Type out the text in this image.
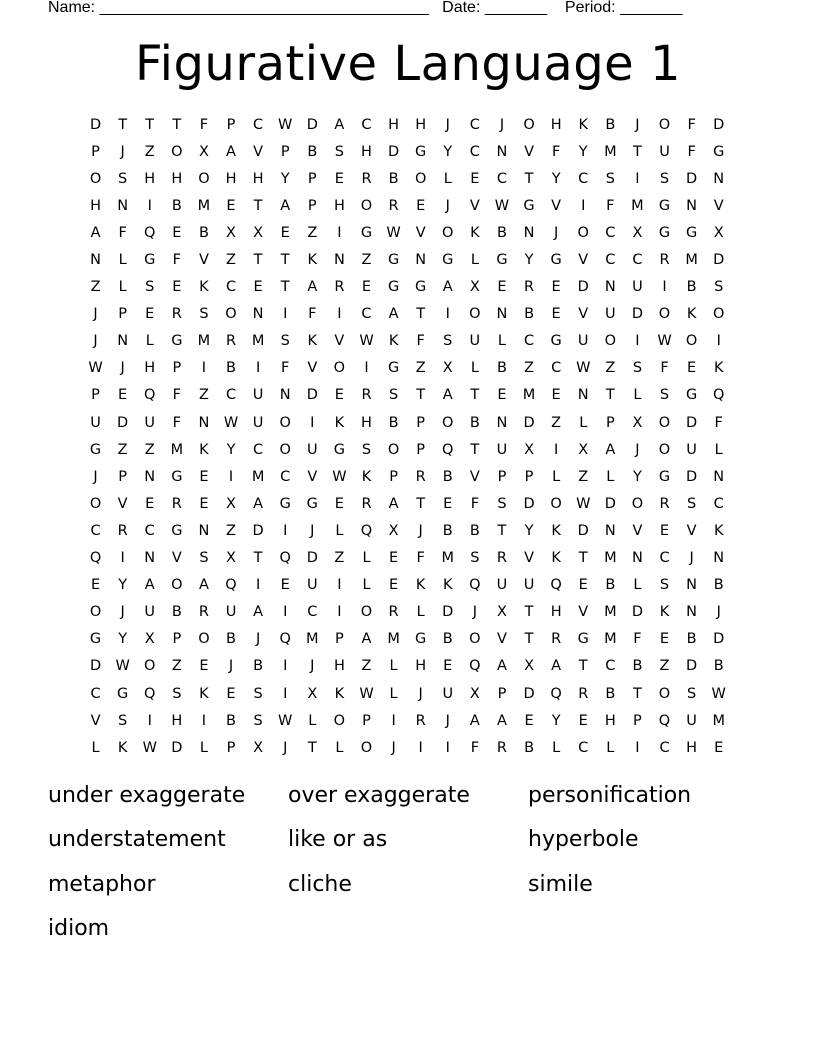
Name: _____________________________________ Date: _______ Period: _______
Figurative Language 1
D	T	T	T	F	P	C	W D	A	C	H	H	J	C	J	O	H	K	B	J	O	F	D
P	J	Z	O	X	A	V	P	B	S	H	D	G	Y	C	N	V	F	Y	M	T	U	F	G
O	S	H	H	O	H	H	Y	P	E	R	B	O	L	E	C	T	Y	C	S	I	S	D	N
H	N	I	B	M	E	T	A	P	H	O	R	E	J	V	W G	V	I	F	M	G	N	V
A	F	Q	E	B	X	X	E	Z	I	G W	V	O	K	B	N	J	O	C	X	G	G	X
N	L	G	F	V	Z	T	T	K	N	Z	G	N	G	L	G	Y	G	V	C	C	R	M	D
Z	L	S	E	K	C	E	T	A	R	E	G	G	A	X	E	R	E	D	N	U	I	B	S
J	P	E	R	S	O	N	I	F	I	C	A	T	I	O	N	B	E	V	U	D	O	K	O
J	N	L	G	M	R	M	S	K	V	W	K	F	S	U	L	C	G	U	O	I	W O	I
W	J	H	P	I	B	I	F	V	O	I	G	Z	X	L	B	Z	C	W	Z	S	F	E	K
P	E	Q	F	Z	C	U	N	D	E	R	S	T	A	T	E	M	E	N	T	L	S	G	Q
U	D	U	F	N	W	U	O	I	K	H	B	P	O	B	N	D	Z	L	P	X	O	D	F
G	Z	Z	M	K	Y	C	O	U	G	S	O	P	Q	T	U	X	I	X	A	J	O	U	L
J	P	N	G	E	I	M	C	V	W	K	P	R	B	V	P	P	L	Z	L	Y	G	D	N
O	V	E	R	E	X	A	G	G	E	R	A	T	E	F	S	D	O W D	O	R	S	C
C	R	C	G	N	Z	D	I	J	L	Q	X	J	B	B	T	Y	K	D	N	V	E	V	K
Q	I	N	V	S	X	T	Q	D	Z	L	E	F	M	S	R	V	K	T	M	N	C	J	N
E	Y	A	O	A	Q	I	E	U	I	L	E	K	K	Q	U	U	Q	E	B	L	S	N	B
O	J	U	B	R	U	A	I	C	I	O	R	L	D	J	X	T	H	V	M	D	K	N	J
G	Y	X	P	O	B	J	Q	M	P	A	M	G	B	O	V	T	R	G	M	F	E	B	D
D W O	Z	E	J	B	I	J	H	Z	L	H	E	Q	A	X	A	T	C	B	Z	D	B
C	G	Q	S	K	E	S	I	X	K	W	L	J	U	X	P	D	Q	R	B	T	O	S	W
V	S	I	H	I	B	S	W	L	O	P	I	R	J	A	A	E	Y	E	H	P	Q	U	M
L	K	W D	L	P	X	J	T	L	O	J	I	I	F	R	B	L	C	L	I	C	H	E
under exaggerate	over exaggerate	personification
understatement	like or as	hyperbole
metaphor	cliche	simile
idiom
